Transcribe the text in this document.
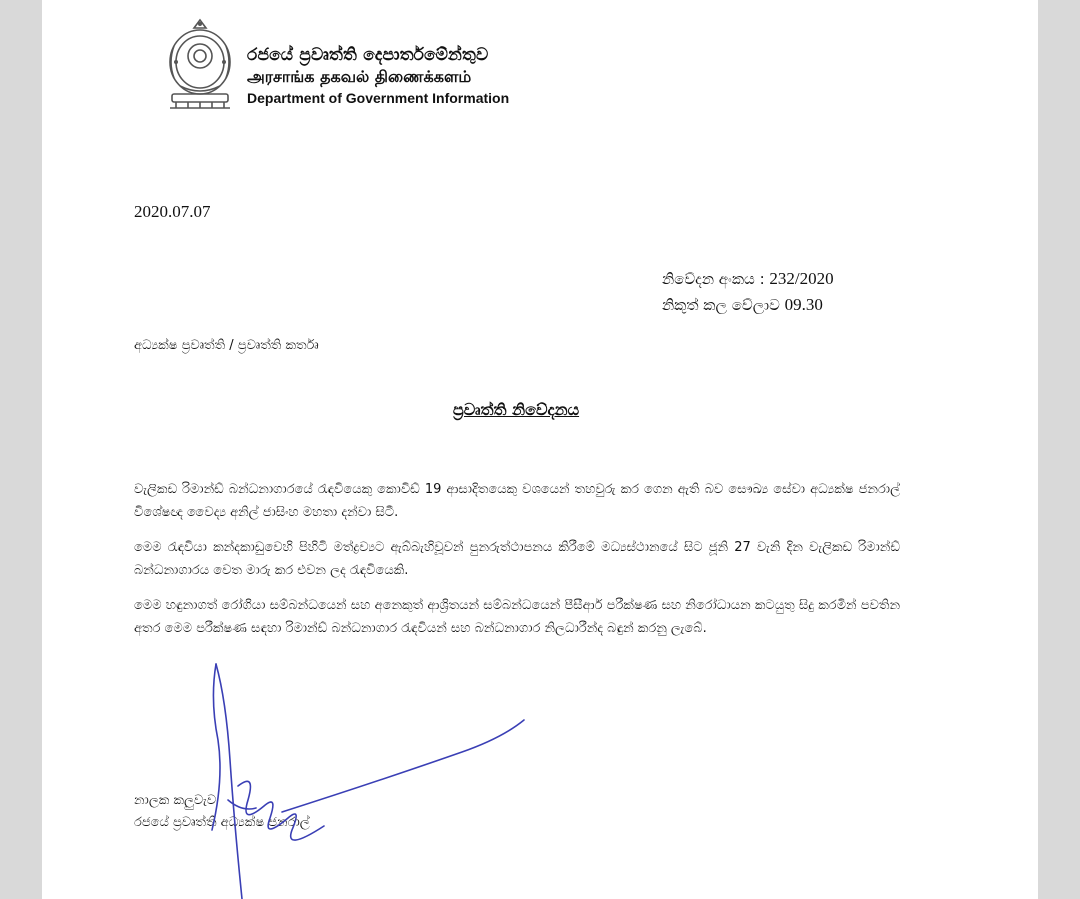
රජයේ ප්‍රවෘත්ති දෙපාර්තමේන්තුව
அரசாங்க தகவல் திணைக்களம்
Department of Government Information
2020.07.07
නිවේදන අංකය : 232/2020
නිකුත් කල වේලාව 09.30
අධ්‍යක්ෂ ප්‍රවෘත්ති / ප්‍රවෘත්ති කර්තෘ
ප්‍රවෘත්ති නිවේදනය

වැලිකඩ රිමාන්ඩ් බන්ධනාගාරයේ රැඳවියෙකු කොවිඩ් 19 ආසාදිතයෙකු වශයෙන් තහවුරු කර ගෙන ඇති බව සෞඛ්‍ය සේවා අධ්‍යක්ෂ ජනරාල් විශේෂඥ වෛද්‍ය අනිල් ජාසිංහ මහතා දන්වා සිටී.

මෙම රැඳවියා කන්දකාඩුවෙහි පිහිටි මත්ද්‍රව්‍යට ඇබ්බැහිවූවන් පුනරුත්ථාපනය කිරීමේ මධ්‍යස්ථානයේ සිට ජූනි 27 වැනි දින වැලිකඩ රිමාන්ඩ් බන්ධනාගාරය වෙත මාරු කර එවන ලද රැඳවියෙකි.

මෙම හඳුනාගත් රෝගියා සම්බන්ධයෙන් සහ අනෙකුත් ආශ්‍රිතයන් සම්බන්ධයෙන් පීසීආර් පරීක්ෂණ සහ නිරෝධායන කටයුතු සිදු කරමින් පවතින අතර මෙම පරීක්ෂණ සඳහා රිමාන්ඩ් බන්ධනාගාර රැඳවියන් සහ බන්ධනාගාර නිලධාරීන්ද බඳුන් කරනු ලැබේ.

නාලක කලුවැව
රජයේ ප්‍රවෘත්ති අධ්‍යක්ෂ ජනරාල්
